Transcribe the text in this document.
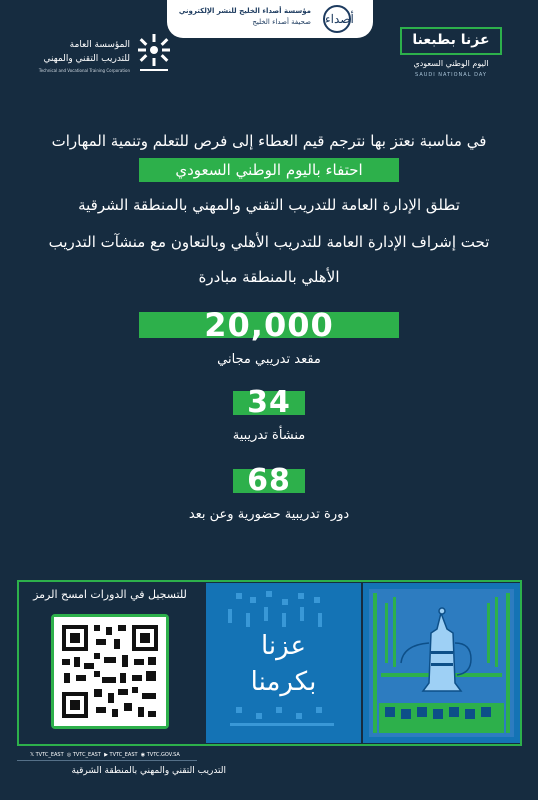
مؤسسة أصداء الخليج للنشر الإلكتروني
صحيفة أصداء الخليج أصداء
عزنا بطبعنا
اليوم الوطني السعودي
SAUDI NATIONAL DAY
المؤسسة العامة
للتدريب التقني والمهني
Technical and Vocational Training Corporation
في مناسبة نعتز بها نترجم قيم العطاء إلى فرص للتعلم وتنمية المهارات
احتفاء باليوم الوطني السعودي
تطلق الإدارة العامة للتدريب التقني والمهني بالمنطقة الشرقية
تحت إشراف الإدارة العامة للتدريب الأهلي وبالتعاون مع منشآت التدريب
الأهلي بالمنطقة مبادرة
20,000
مقعد تدريبي مجاني
34
منشأة تدريبية
68
دورة تدريبية حضورية وعن بعد
للتسجيل في الدورات امسح الرمز
عزنا
بكرمنا
𝕏 TVTC_EAST ◎ TVTC_EAST ▶ TVTC_EAST ◉ TVTC.GOV.SA
التدريب التقني والمهني بالمنطقة الشرقية
